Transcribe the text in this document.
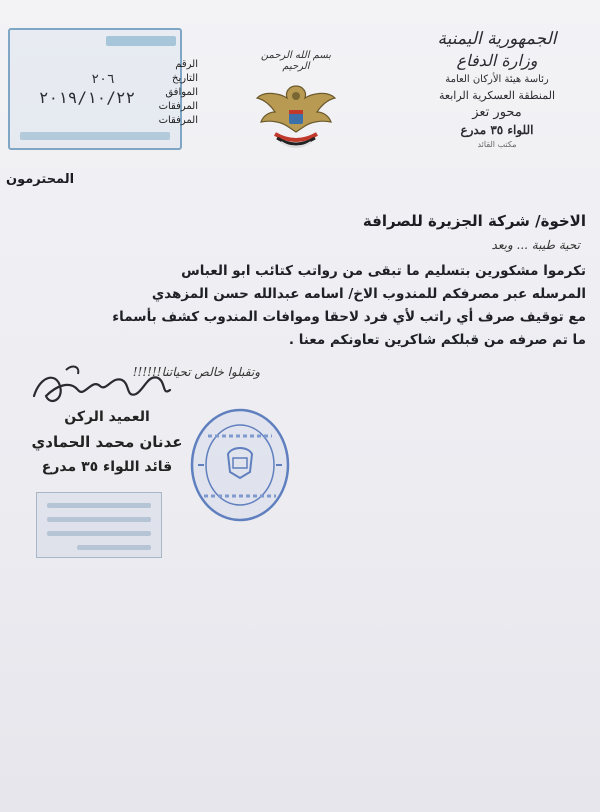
الجمهورية اليمنية
وزارة الدفاع
رئاسة هيئة الأركان العامة
المنطقة العسكرية الرابعة
محور تعز
اللواء ٣٥ مدرع
مكتب القائد
بسم الله الرحمن الرحيم
الرقم
التاريخ
الموافق
المرفقات
المرفقات
٢٠٦
٢٠١٩/١٠/٢٢
المحترمون
الاخوة/ شركة الجزيرة للصرافة
تحية طيبة ... وبعد
تكرموا مشكورين بتسليم ما تبقى من رواتب كتائب ابو العباس
المرسله عبر مصرفكم للمندوب الاخ/ اسامه عبدالله حسن المزهدي
مع توقيف صرف أي راتب لأي فرد لاحقا وموافات المندوب كشف بأسماء
ما تم صرفه من قبلكم شاكرين تعاونكم معنا .
وتقبلوا خالص تحياتنا!!!!!!
العميد الركن
عدنان محمد الحمادي
قائد اللواء ٣٥ مدرع
